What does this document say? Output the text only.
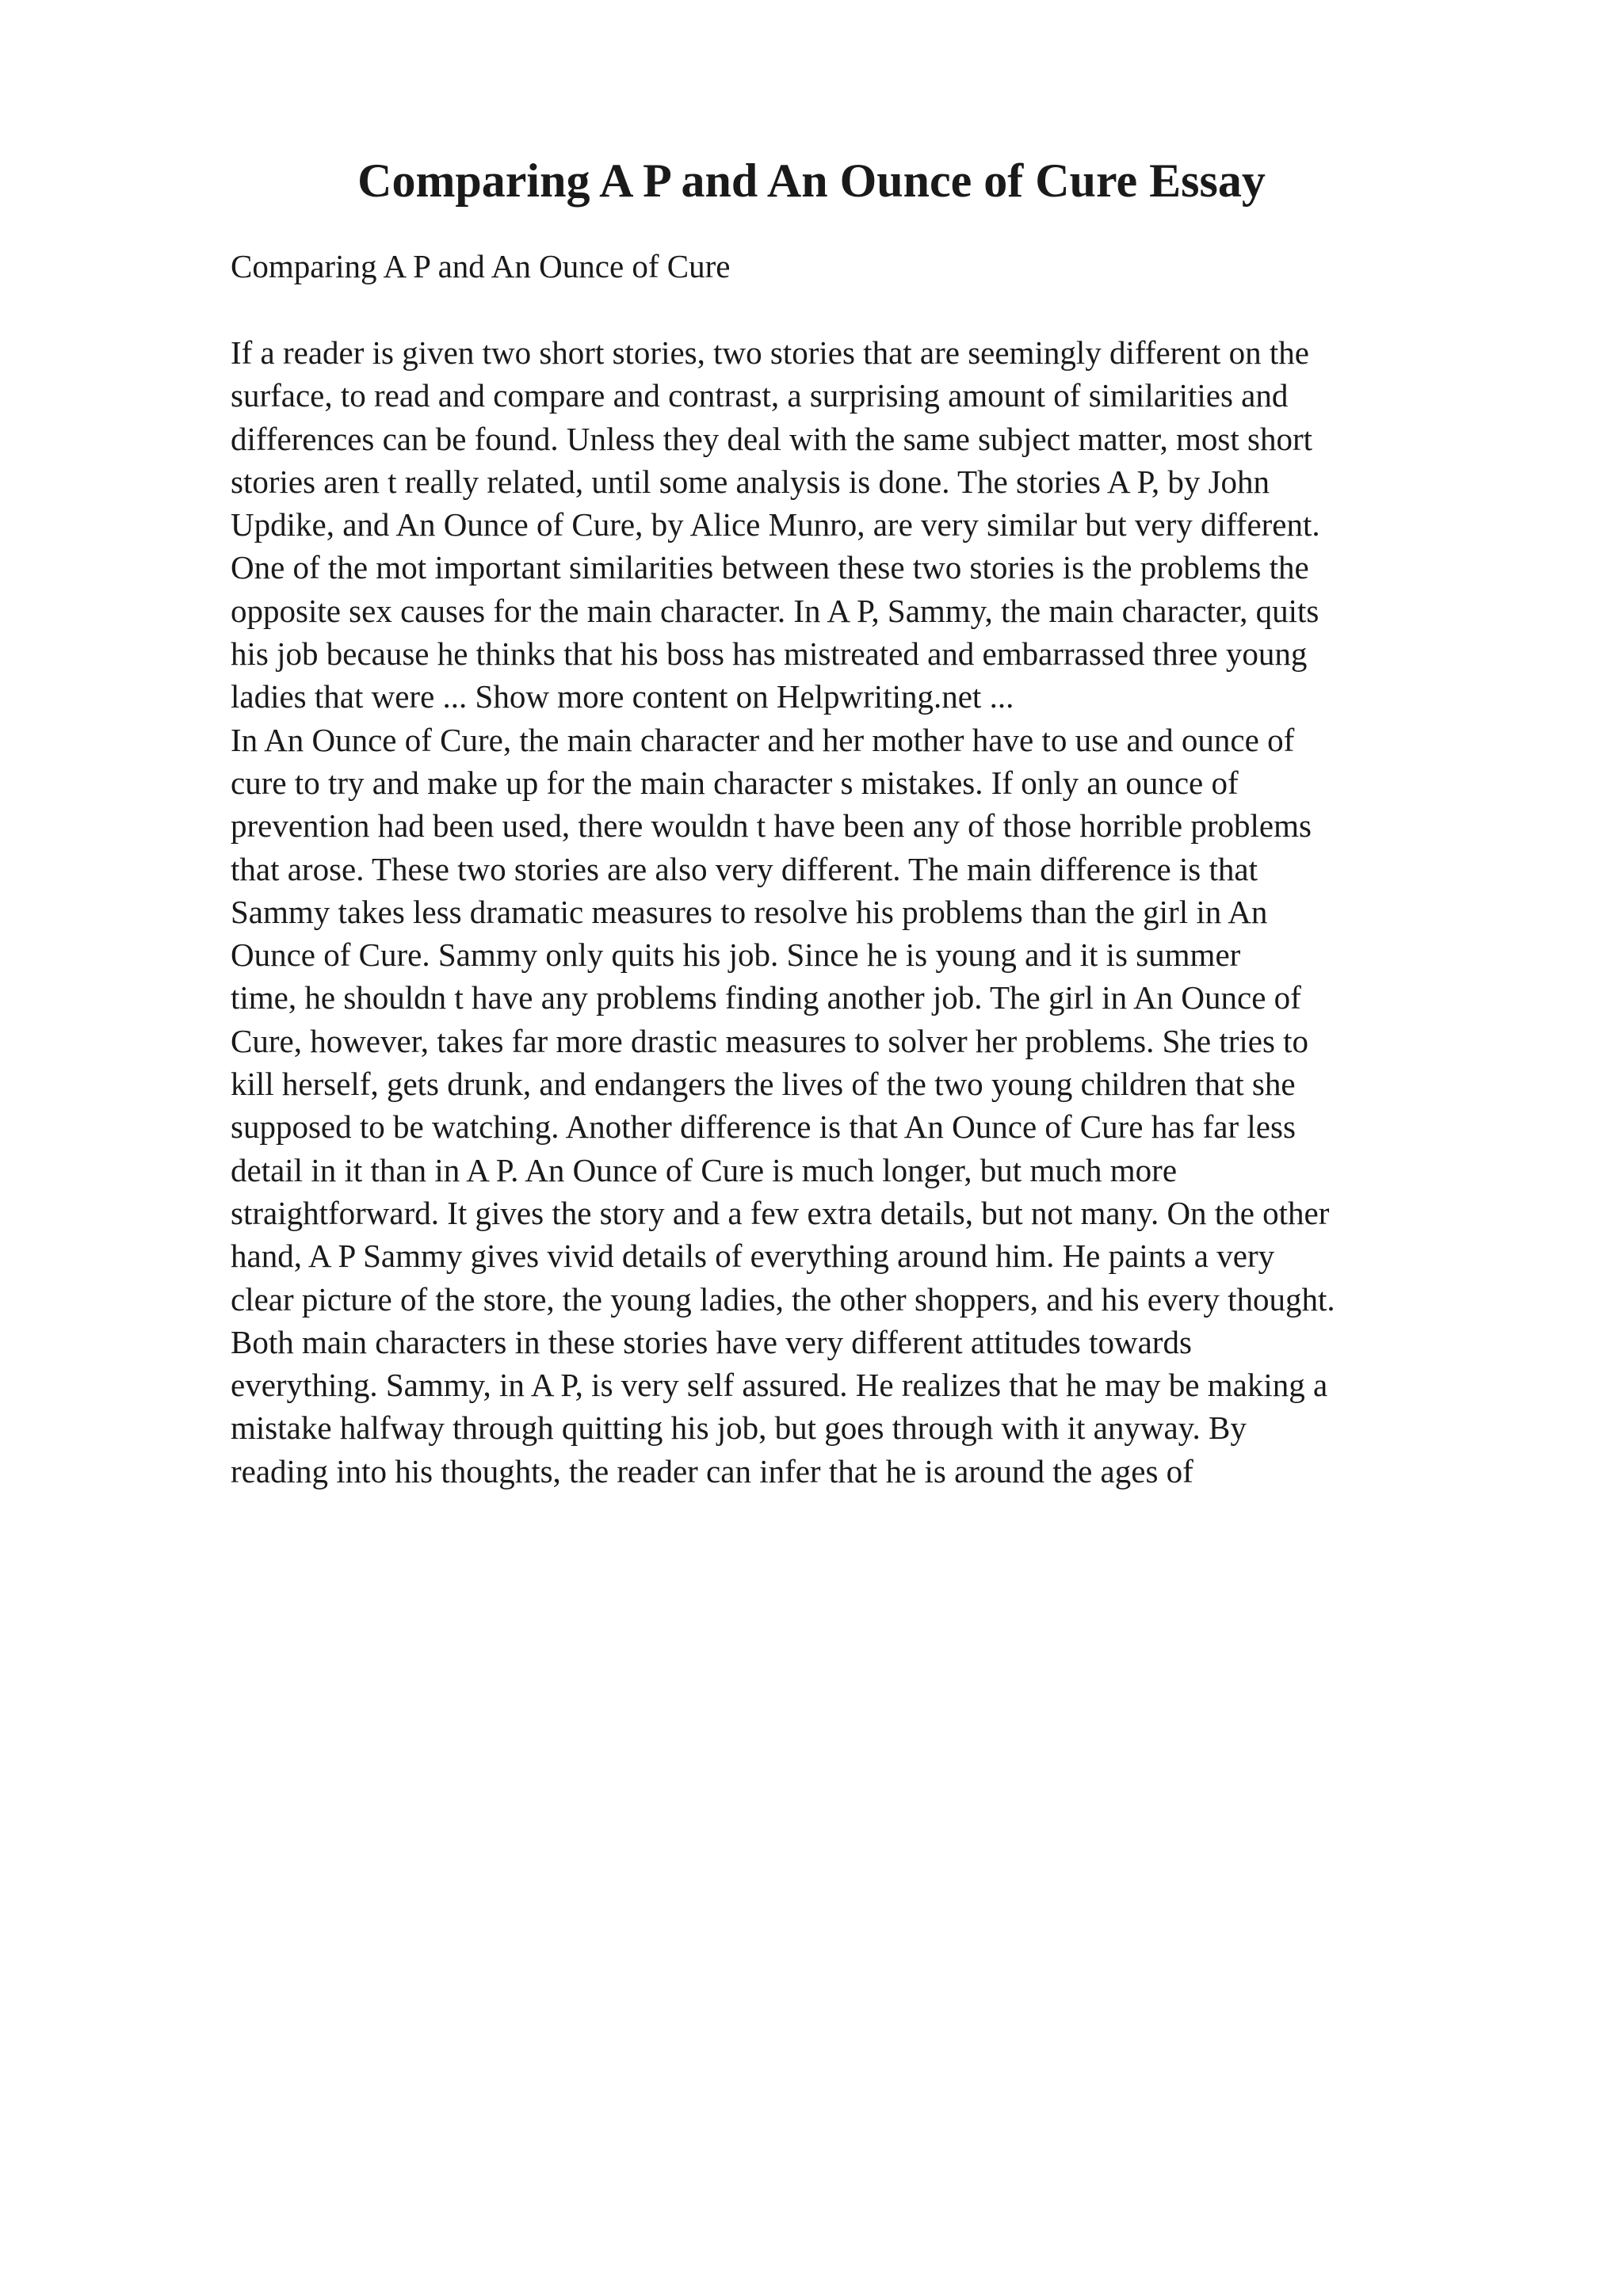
Comparing A P and An Ounce of Cure Essay

Comparing A P and An Ounce of Cure

If a reader is given two short stories, two stories that are seemingly different on the
surface, to read and compare and contrast, a surprising amount of similarities and
differences can be found. Unless they deal with the same subject matter, most short
stories aren t really related, until some analysis is done. The stories A P, by John
Updike, and An Ounce of Cure, by Alice Munro, are very similar but very different.
One of the mot important similarities between these two stories is the problems the
opposite sex causes for the main character. In A P, Sammy, the main character, quits
his job because he thinks that his boss has mistreated and embarrassed three young
ladies that were ... Show more content on Helpwriting.net ...
In An Ounce of Cure, the main character and her mother have to use and ounce of
cure to try and make up for the main character s mistakes. If only an ounce of
prevention had been used, there wouldn t have been any of those horrible problems
that arose. These two stories are also very different. The main difference is that
Sammy takes less dramatic measures to resolve his problems than the girl in An
Ounce of Cure. Sammy only quits his job. Since he is young and it is summer
time, he shouldn t have any problems finding another job. The girl in An Ounce of
Cure, however, takes far more drastic measures to solver her problems. She tries to
kill herself, gets drunk, and endangers the lives of the two young children that she
supposed to be watching. Another difference is that An Ounce of Cure has far less
detail in it than in A P. An Ounce of Cure is much longer, but much more
straightforward. It gives the story and a few extra details, but not many. On the other
hand, A P Sammy gives vivid details of everything around him. He paints a very
clear picture of the store, the young ladies, the other shoppers, and his every thought.
Both main characters in these stories have very different attitudes towards
everything. Sammy, in A P, is very self assured. He realizes that he may be making a
mistake halfway through quitting his job, but goes through with it anyway. By
reading into his thoughts, the reader can infer that he is around the ages of
